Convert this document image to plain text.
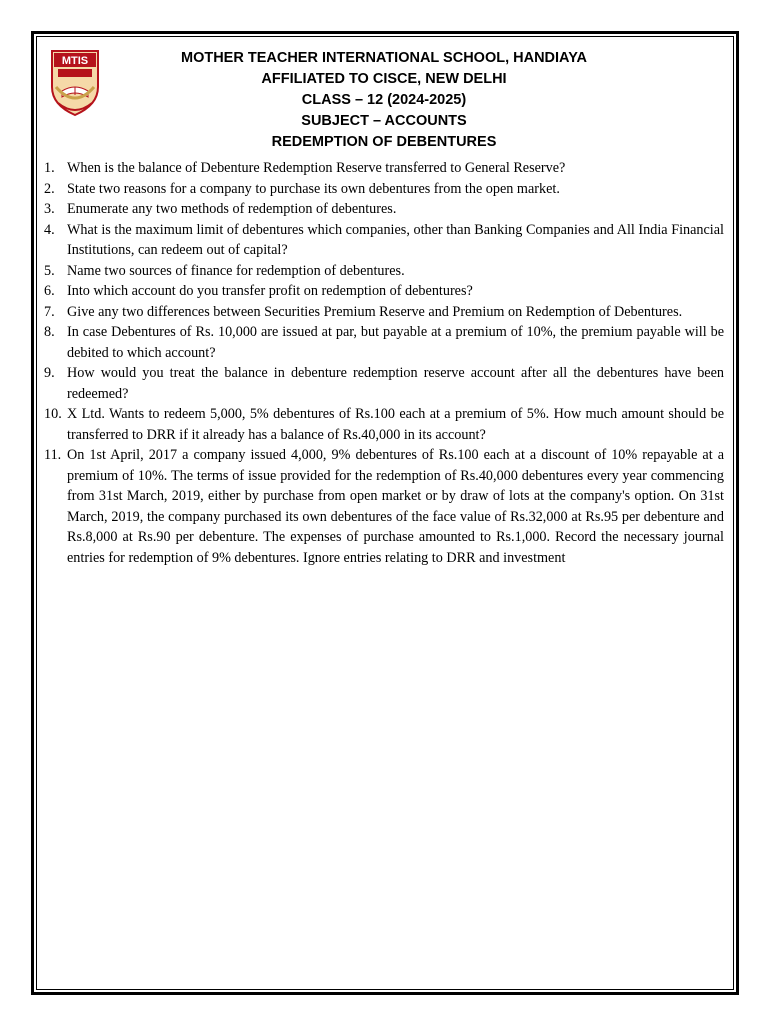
MTIS	MOTHER TEACHER INTERNATIONAL SCHOOL, HANDIAYA
AFFILIATED TO CISCE, NEW DELHI
CLASS – 12 (2024-2025)
SUBJECT – ACCOUNTS
REDEMPTION OF DEBENTURES
1. When is the balance of Debenture Redemption Reserve transferred to General Reserve?
2. State two reasons for a company to purchase its own debentures from the open market.
3. Enumerate any two methods of redemption of debentures.
4. What is the maximum limit of debentures which companies, other than Banking Companies and All India Financial Institutions, can redeem out of capital?
5. Name two sources of finance for redemption of debentures.
6. Into which account do you transfer profit on redemption of debentures?
7. Give any two differences between Securities Premium Reserve and Premium on Redemption of Debentures.
8. In case Debentures of Rs. 10,000 are issued at par, but payable at a premium of 10%, the premium payable will be debited to which account?
9. How would you treat the balance in debenture redemption reserve account after all the debentures have been redeemed?
10. X Ltd. Wants to redeem 5,000, 5% debentures of Rs.100 each at a premium of 5%. How much amount should be transferred to DRR if it already has a balance of Rs.40,000 in its account?
11. On 1st April, 2017 a company issued 4,000, 9% debentures of Rs.100 each at a discount of 10% repayable at a premium of 10%. The terms of issue provided for the redemption of Rs.40,000 debentures every year commencing from 31st March, 2019, either by purchase from open market or by draw of lots at the company's option. On 31st March, 2019, the company purchased its own debentures of the face value of Rs.32,000 at Rs.95 per debenture and Rs.8,000 at Rs.90 per debenture. The expenses of purchase amounted to Rs.1,000. Record the necessary journal entries for redemption of 9% debentures. Ignore entries relating to DRR and investment
